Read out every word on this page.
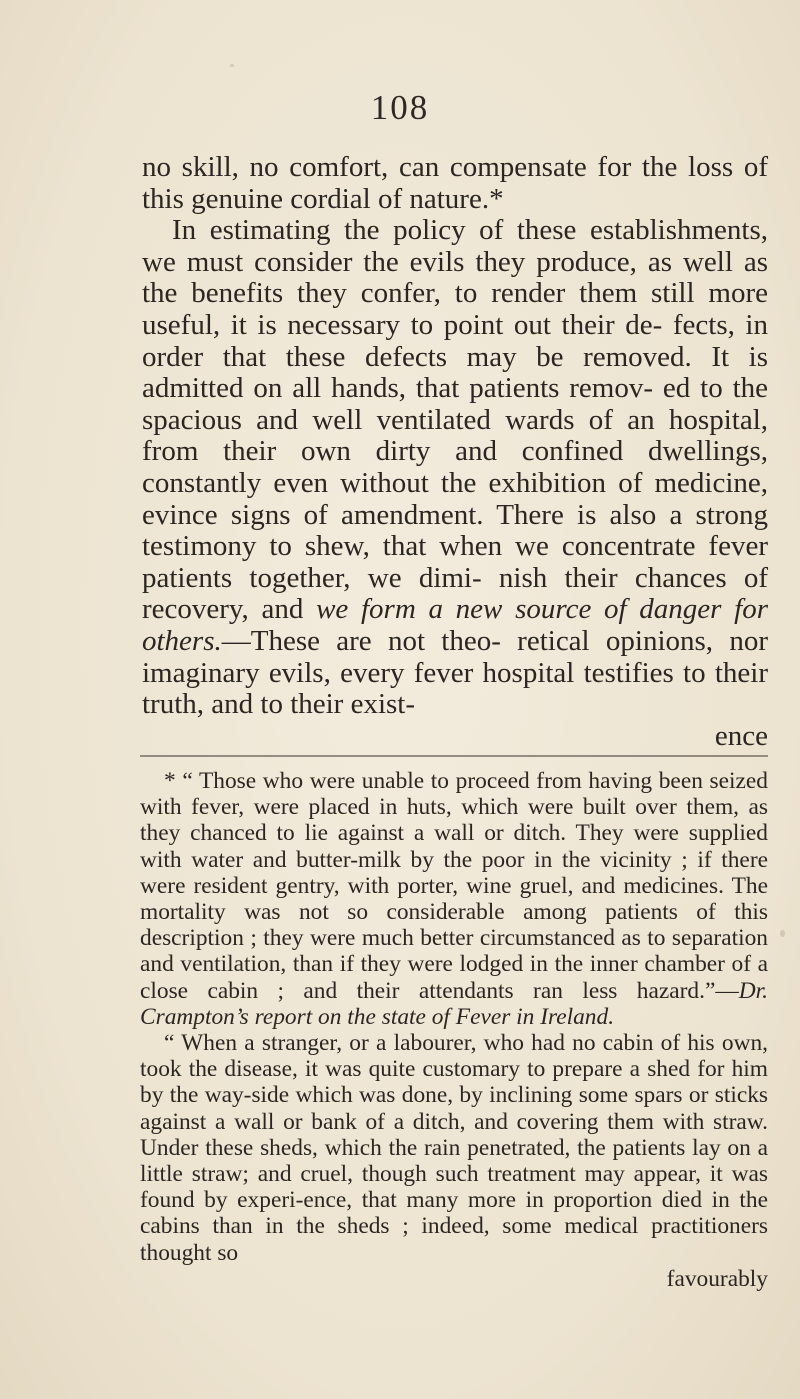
108

no skill, no comfort, can compensate for the loss of this genuine cordial of nature.*

In estimating the policy of these establishments, we must consider the evils they produce, as well as the benefits they confer, to render them still more useful, it is necessary to point out their de- fects, in order that these defects may be removed. It is admitted on all hands, that patients remov- ed to the spacious and well ventilated wards of an hospital, from their own dirty and confined dwellings, constantly even without the exhibition of medicine, evince signs of amendment. There is also a strong testimony to shew, that when we concentrate fever patients together, we dimi- nish their chances of recovery, and we form a new source of danger for others.—These are not theo- retical opinions, nor imaginary evils, every fever hospital testifies to their truth, and to their exist-

ence

* “ Those who were unable to proceed from having been seized with fever, were placed in huts, which were built over them, as they chanced to lie against a wall or ditch. They were supplied with water and butter-milk by the poor in the vicinity ; if there were resident gentry, with porter, wine gruel, and medicines. The mortality was not so considerable among patients of this description ; they were much better circumstanced as to separation and ventilation, than if they were lodged in the inner chamber of a close cabin ; and their attendants ran less hazard.”—Dr. Crampton’s report on the state of Fever in Ireland.

“ When a stranger, or a labourer, who had no cabin of his own, took the disease, it was quite customary to prepare a shed for him by the way-side which was done, by inclining some spars or sticks against a wall or bank of a ditch, and covering them with straw. Under these sheds, which the rain penetrated, the patients lay on a little straw; and cruel, though such treatment may appear, it was found by experi-ence, that many more in proportion died in the cabins than in the sheds ; indeed, some medical practitioners thought so

favourably
